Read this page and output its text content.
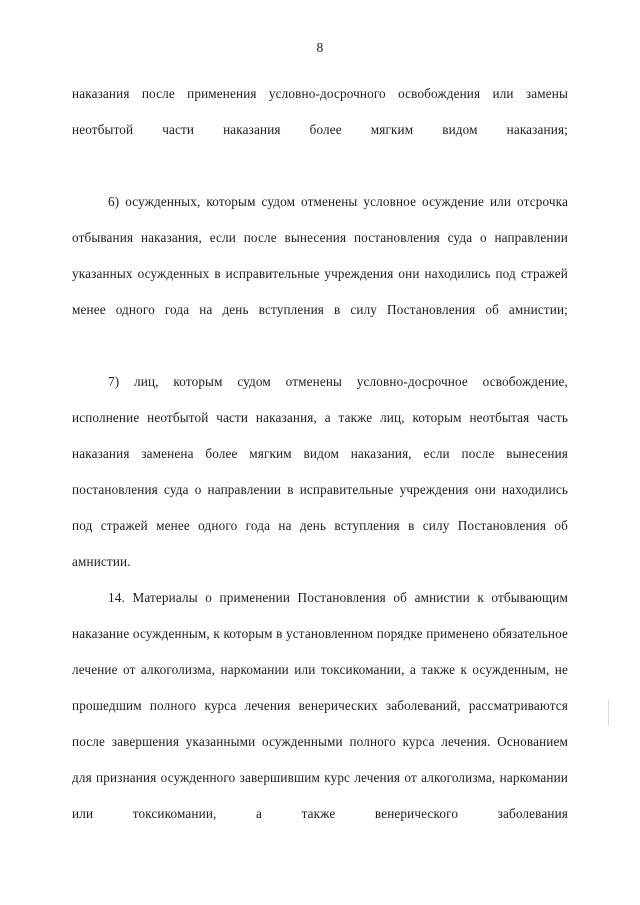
8

наказания после применения условно-досрочного освобождения или замены неотбытой части наказания более мягким видом наказания;

6) осужденных, которым судом отменены условное осуждение или отсрочка отбывания наказания, если после вынесения постановления суда о направлении указанных осужденных в исправительные учреждения они находились под стражей менее одного года на день вступления в силу Постановления об амнистии;

7) лиц, которым судом отменены условно-досрочное освобождение, исполнение неотбытой части наказания, а также лиц, которым неотбытая часть наказания заменена более мягким видом наказания, если после вынесения постановления суда о направлении в исправительные учреждения они находились под стражей менее одного года на день вступления в силу Постановления об амнистии.

14. Материалы о применении Постановления об амнистии к отбывающим наказание осужденным, к которым в установленном порядке применено обязательное лечение от алкоголизма, наркомании или токсикомании, а также к осужденным, не прошедшим полного курса лечения венерических заболеваний, рассматриваются после завершения указанными осужденными полного курса лечения. Основанием для признания осужденного завершившим курс лечения от алкоголизма, наркомании или токсикомании, а также венерического заболевания
